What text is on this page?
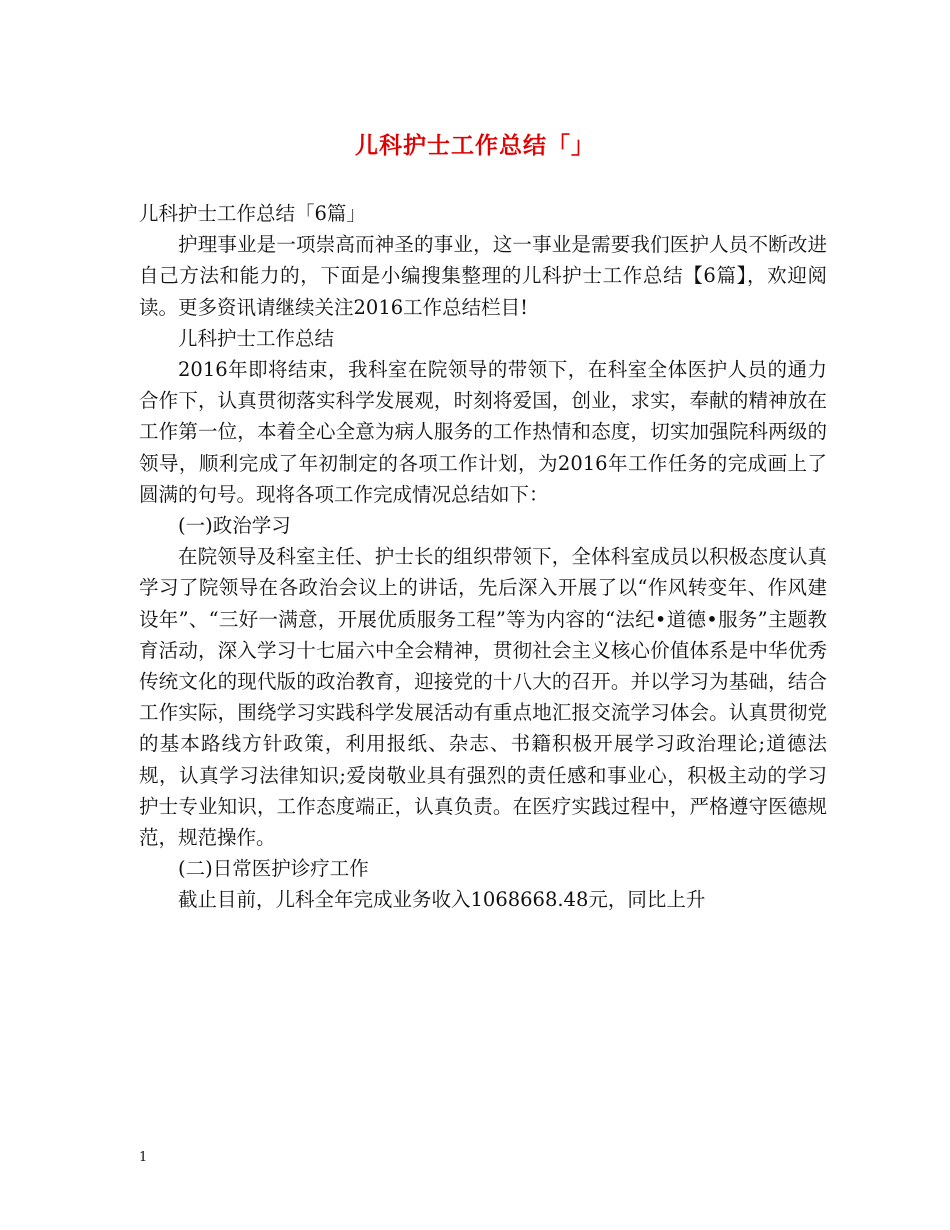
儿科护士工作总结「」

儿科护士工作总结「6篇」

护理事业是一项崇高而神圣的事业，这一事业是需要我们医护人员不断改进自己方法和能力的，下面是小编搜集整理的儿科护士工作总结【6篇】，欢迎阅读。更多资讯请继续关注2016工作总结栏目!

儿科护士工作总结

2016年即将结束，我科室在院领导的带领下，在科室全体医护人员的通力合作下，认真贯彻落实科学发展观，时刻将爱国，创业，求实，奉献的精神放在工作第一位，本着全心全意为病人服务的工作热情和态度，切实加强院科两级的领导，顺利完成了年初制定的各项工作计划，为2016年工作任务的完成画上了圆满的句号。现将各项工作完成情况总结如下：

(一)政治学习

在院领导及科室主任、护士长的组织带领下，全体科室成员以积极态度认真学习了院领导在各政治会议上的讲话，先后深入开展了以“作风转变年、作风建设年”、“三好一满意，开展优质服务工程”等为内容的“法纪•道德•服务”主题教育活动，深入学习十七届六中全会精神，贯彻社会主义核心价值体系是中华优秀传统文化的现代版的政治教育，迎接党的十八大的召开。并以学习为基础，结合工作实际，围绕学习实践科学发展活动有重点地汇报交流学习体会。认真贯彻党的基本路线方针政策，利用报纸、杂志、书籍积极开展学习政治理论;道德法规，认真学习法律知识;爱岗敬业具有强烈的责任感和事业心，积极主动的学习护士专业知识，工作态度端正，认真负责。在医疗实践过程中，严格遵守医德规范，规范操作。

(二)日常医护诊疗工作

截止目前，儿科全年完成业务收入1068668.48元，同比上升

1
